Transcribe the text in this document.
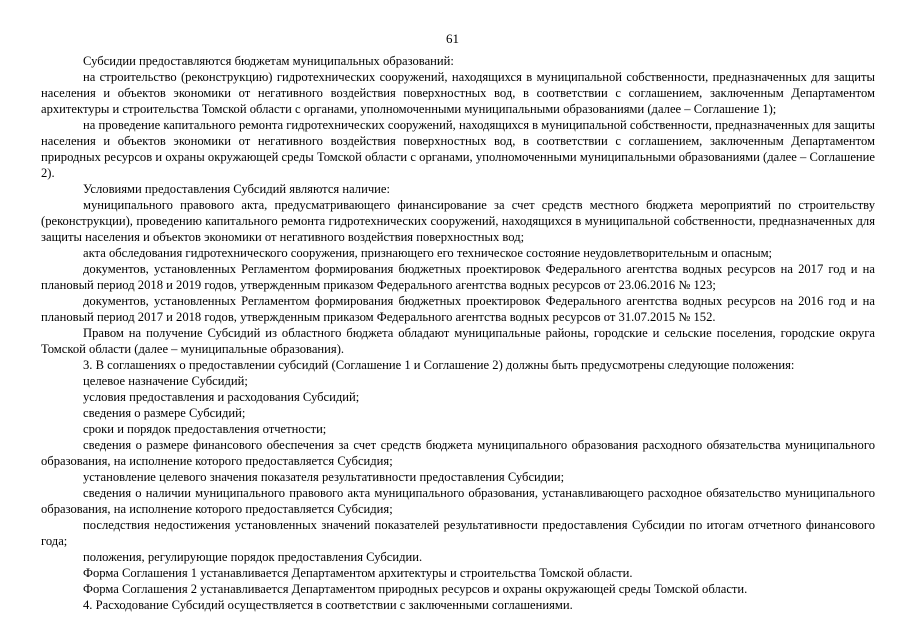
61

Субсидии предоставляются бюджетам муниципальных образований:

на строительство (реконструкцию) гидротехнических сооружений, находящихся в муниципальной собственности, предназначенных для защиты населения и объектов экономики от негативного воздействия поверхностных вод, в соответствии с соглашением, заключенным Департаментом архитектуры и строительства Томской области с органами, уполномоченными муниципальными образованиями (далее – Соглашение 1);

на проведение капитального ремонта гидротехнических сооружений, находящихся в муниципальной собственности, предназначенных для защиты населения и объектов экономики от негативного воздействия поверхностных вод, в соответствии с соглашением, заключенным Департаментом природных ресурсов и охраны окружающей среды Томской области с органами, уполномоченными муниципальными образованиями (далее – Соглашение 2).

Условиями предоставления Субсидий являются наличие:

муниципального правового акта, предусматривающего финансирование за счет средств местного бюджета мероприятий по строительству (реконструкции), проведению капитального ремонта гидротехнических сооружений, находящихся в муниципальной собственности, предназначенных для защиты населения и объектов экономики от негативного воздействия поверхностных вод;

акта обследования гидротехнического сооружения, признающего его техническое состояние неудовлетворительным и опасным;

документов, установленных Регламентом формирования бюджетных проектировок Федерального агентства водных ресурсов на 2017 год и на плановый период 2018 и 2019 годов, утвержденным приказом Федерального агентства водных ресурсов от 23.06.2016 № 123;

документов, установленных Регламентом формирования бюджетных проектировок Федерального агентства водных ресурсов на 2016 год и на плановый период 2017 и 2018 годов, утвержденным приказом Федерального агентства водных ресурсов от 31.07.2015 № 152.

Правом на получение Субсидий из областного бюджета обладают муниципальные районы, городские и сельские поселения, городские округа Томской области (далее – муниципальные образования).

3. В соглашениях о предоставлении субсидий (Соглашение 1 и Соглашение 2) должны быть предусмотрены следующие положения:

целевое назначение Субсидий;

условия предоставления и расходования Субсидий;

сведения о размере Субсидий;

сроки и порядок предоставления отчетности;

сведения о размере финансового обеспечения за счет средств бюджета муниципального образования расходного обязательства муниципального образования, на исполнение которого предоставляется Субсидия;

установление целевого значения показателя результативности предоставления Субсидии;

сведения о наличии муниципального правового акта муниципального образования, устанавливающего расходное обязательство муниципального образования, на исполнение которого предоставляется Субсидия;

последствия недостижения установленных значений показателей результативности предоставления Субсидии по итогам отчетного финансового года;

положения, регулирующие порядок предоставления Субсидии.

Форма Соглашения 1 устанавливается Департаментом архитектуры и строительства Томской области.

Форма Соглашения 2 устанавливается Департаментом природных ресурсов и охраны окружающей среды Томской области.

4. Расходование Субсидий осуществляется в соответствии с заключенными соглашениями.
